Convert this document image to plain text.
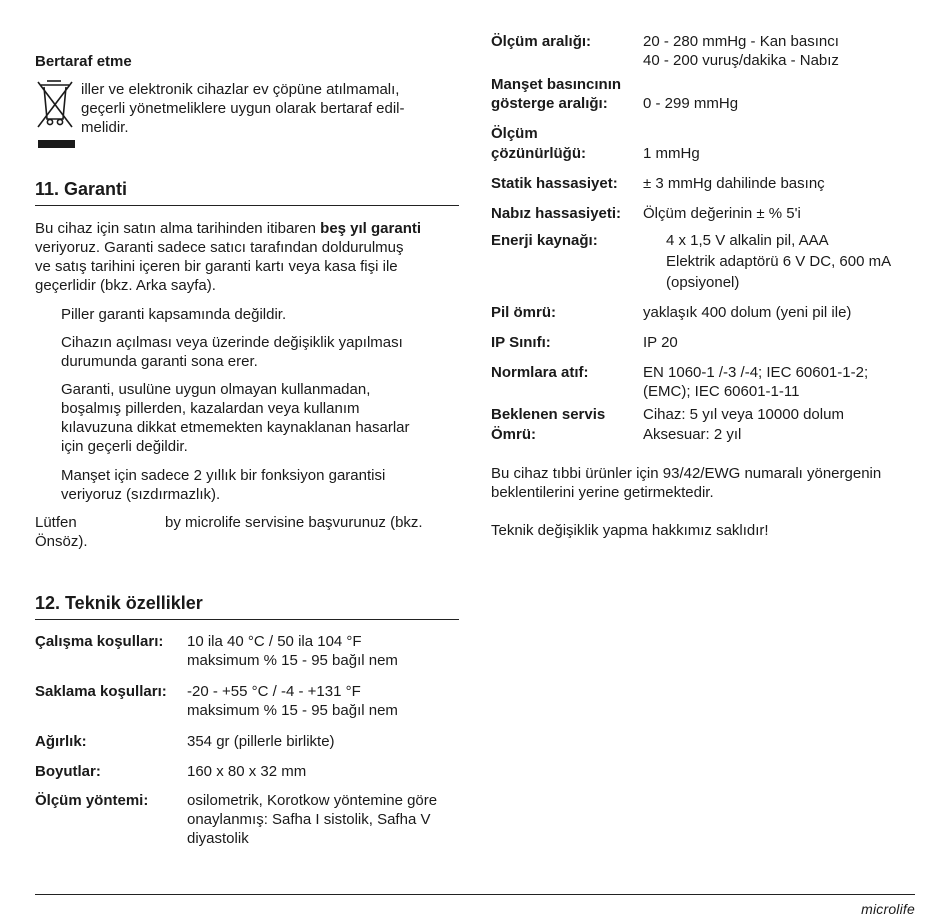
Bertaraf etme
iller ve elektronik cihazlar ev çöpüne atılmamalı,
geçerli yönetmeliklere uygun olarak bertaraf edil-
melidir.
11. Garanti
Bu cihaz için satın alma tarihinden itibaren beş yıl garanti
veriyoruz. Garanti sadece satıcı tarafından doldurulmuş
ve satış tarihini içeren bir garanti kartı veya kasa fişi ile
geçerlidir (bkz. Arka sayfa).
Piller garanti kapsamında değildir.
Cihazın açılması veya üzerinde değişiklik yapılması
durumunda garanti sona erer.
Garanti, usulüne uygun olmayan kullanmadan,
boşalmış pillerden, kazalardan veya kullanım
kılavuzuna dikkat etmemekten kaynaklanan hasarlar
için geçerli değildir.
Manşet için sadece 2 yıllık bir fonksiyon garantisi
veriyoruz (sızdırmazlık).
Lütfen	by microlife servisine başvurunuz (bkz.
Önsöz).
12. Teknik özellikler
Çalışma koşulları: 10 ila 40 °C / 50 ila 104 °F
maksimum % 15 - 95 bağıl nem
Saklama koşulları: -20 - +55 °C / -4 - +131 °F
maksimum % 15 - 95 bağıl nem
Ağırlık:	354 gr (pillerle birlikte)
Boyutlar:	160 x 80 x 32 mm
Ölçüm yöntemi:	osilometrik, Korotkow yöntemine göre
onaylanmış: Safha I sistolik, Safha V
diyastolik
Ölçüm aralığı:	20 - 280 mmHg - Kan basıncı
40 - 200 vuruş/dakika - Nabız
Manşet basıncının
gösterge aralığı: 0 - 299 mmHg
Ölçüm
çözünürlüğü:	1 mmHg
Statik hassasiyet: ± 3 mmHg dahilinde basınç
Nabız hassasiyeti: Ölçüm değerinin ± % 5'i
Enerji kaynağı:	4 x 1,5 V alkalin pil, AAA
Elektrik adaptörü 6 V DC, 600 mA
(opsiyonel)
Pil ömrü:	yaklaşık 400 dolum (yeni pil ile)
IP Sınıfı:	IP 20
Normlara atıf:	EN 1060-1 /-3 /-4; IEC 60601-1-2;
(EMC); IEC 60601-1-11
Beklenen servis
Ömrü:
Cihaz: 5 yıl veya 10000 dolum
Aksesuar: 2 yıl
Bu cihaz tıbbi ürünler için 93/42/EWG numaralı yönergenin
beklentilerini yerine getirmektedir.
Teknik değişiklik yapma hakkımız saklıdır!
microlife
